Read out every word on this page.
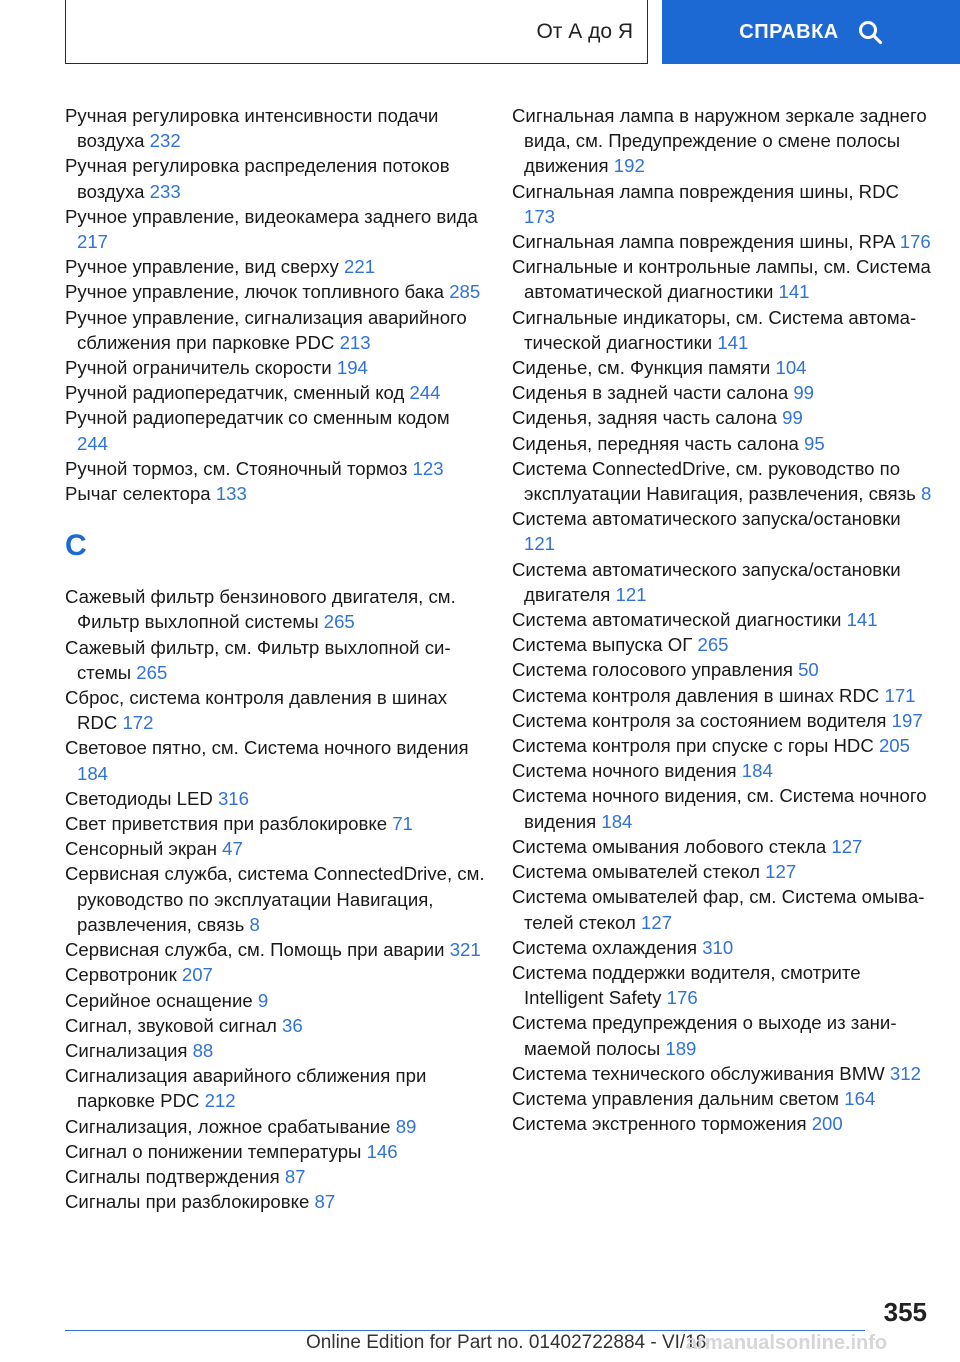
От А до Я	СПРАВКА
Ручная регулировка интенсивности подачи воздуха 232
Ручная регулировка распределения потоков воздуха 233
Ручное управление, видеокамера заднего вида 217
Ручное управление, вид сверху 221
Ручное управление, лючок топливного бака 285
Ручное управление, сигнализация аварийного сближения при парковке PDC 213
Ручной ограничитель скорости 194
Ручной радиопередатчик, сменный код 244
Ручной радиопередатчик со сменным кодом 244
Ручной тормоз, см. Стояночный тормоз 123
Рычаг селектора 133
С
Сажевый фильтр бензинового двигателя, см. Фильтр выхлопной системы 265
Сажевый фильтр, см. Фильтр выхлопной системы 265
Сброс, система контроля давления в шинах RDC 172
Световое пятно, см. Система ночного видения 184
Светодиоды LED 316
Свет приветствия при разблокировке 71
Сенсорный экран 47
Сервисная служба, система ConnectedDrive, см. руководство по эксплуатации Навигация, развлечения, связь 8
Сервисная служба, см. Помощь при аварии 321
Сервотроник 207
Серийное оснащение 9
Сигнал, звуковой сигнал 36
Сигнализация 88
Сигнализация аварийного сближения при парковке PDC 212
Сигнализация, ложное срабатывание 89
Сигнал о понижении температуры 146
Сигналы подтверждения 87
Сигналы при разблокировке 87
Сигнальная лампа в наружном зеркале заднего вида, см. Предупреждение о смене полосы движения 192
Сигнальная лампа повреждения шины, RDC 173
Сигнальная лампа повреждения шины, RPA 176
Сигнальные и контрольные лампы, см. Система автоматической диагностики 141
Сигнальные индикаторы, см. Система автоматической диагностики 141
Сиденье, см. Функция памяти 104
Сиденья в задней части салона 99
Сиденья, задняя часть салона 99
Сиденья, передняя часть салона 95
Система ConnectedDrive, см. руководство по эксплуатации Навигация, развлечения, связь 8
Система автоматического запуска/остановки 121
Система автоматического запуска/остановки двигателя 121
Система автоматической диагностики 141
Система выпуска ОГ 265
Система голосового управления 50
Система контроля давления в шинах RDC 171
Система контроля за состоянием водителя 197
Система контроля при спуске с горы HDC 205
Система ночного видения 184
Система ночного видения, см. Система ночного видения 184
Система омывания лобового стекла 127
Система омывателей стекол 127
Система омывателей фар, см. Система омывателей стекол 127
Система охлаждения 310
Система поддержки водителя, смотрите Intelligent Safety 176
Система предупреждения о выходе из занимаемой полосы 189
Система технического обслуживания BMW 312
Система управления дальним светом 164
Система экстренного торможения 200
355
Online Edition for Part no. 01402722884 - VI/18
armanualsonline.info
